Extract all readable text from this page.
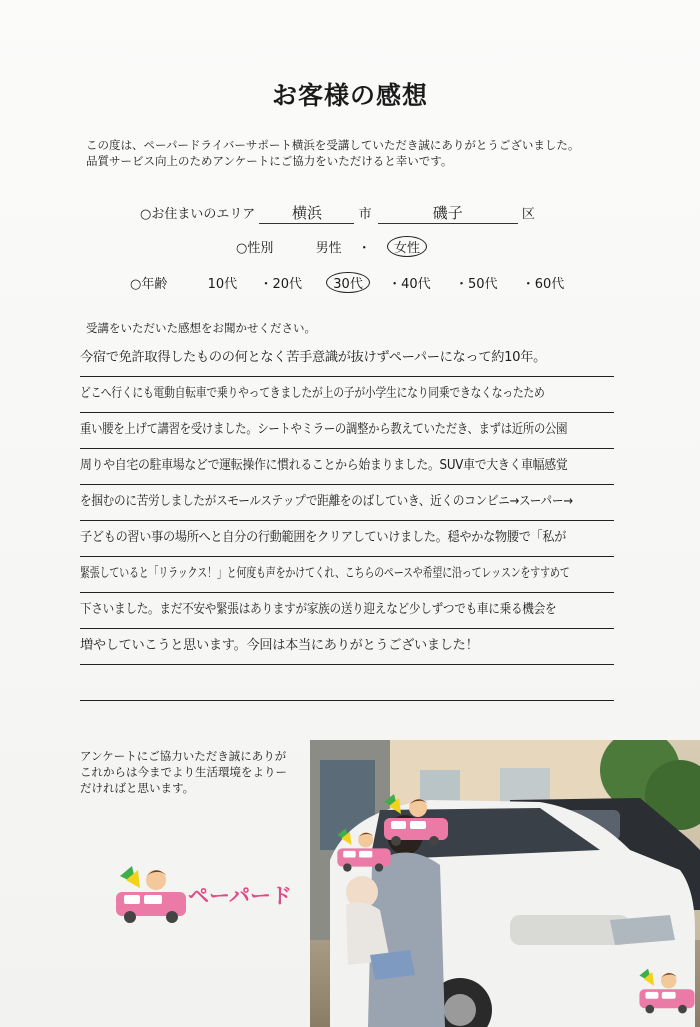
お客様の感想
この度は、ペーパードライバーサポート横浜を受講していただき誠にありがとうございました。
品質サービス向上のためアンケートにご協力をいただけると幸いです。
○お住まいのエリア 横浜	市	磯子	区
○性別	男性 ・ 女性
○年齢	10代 ・20代 30代 ・40代 ・50代 ・60代
受講をいただいた感想をお聞かせください。
今宿で免許取得したものの何となく苦手意識が抜けずペーパーになって約10年。
どこへ行くにも電動自転車で乗りやってきましたが上の子が小学生になり同乗できなくなったため
重い腰を上げて講習を受けました。シートやミラーの調整から教えていただき、まずは近所の公園
周りや自宅の駐車場などで運転操作に慣れることから始まりました。SUV車で大きく車幅感覚
を掴むのに苦労しましたがスモールステップで距離をのばしていき、近くのコンビニ→スーパー→
子どもの習い事の場所へと自分の行動範囲をクリアしていけました。穏やかな物腰で「私が
緊張していると「リラックス！」と何度も声をかけてくれ、こちらのペースや希望に沿ってレッスンをすすめて
下さいました。まだ不安や緊張はありますが家族の送り迎えなど少しずつでも車に乗る機会を
増やしていこうと思います。今回は本当にありがとうございました！
アンケートにご協力いただき誠にありが
これからは今までより生活環境をよりー
だければと思います。
ペーパード
